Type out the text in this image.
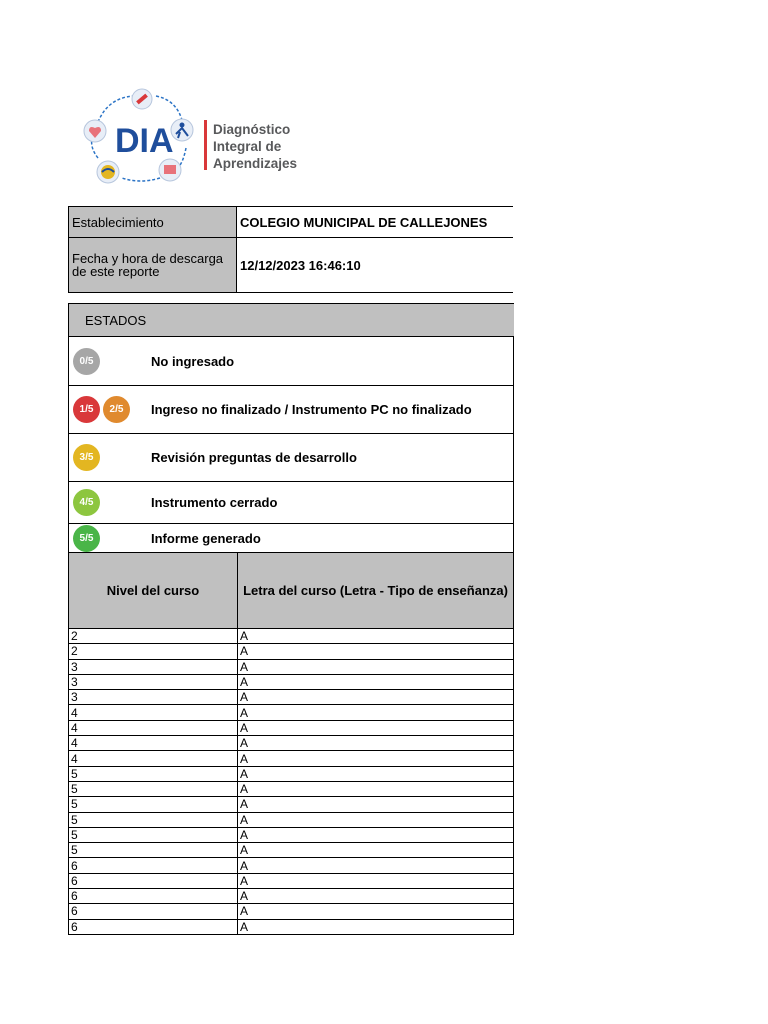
DIA	Diagnóstico
Integral de
Aprendizajes
Establecimiento	COLEGIO MUNICIPAL DE CALLEJONES
Fecha y hora de descarga de este reporte	12/12/2023 16:46:10
ESTADOS	
0/5	No ingresado
1/5 2/5	Ingreso no finalizado / Instrumento PC no finalizado
3/5	Revisión preguntas de desarrollo
4/5	Instrumento cerrado
5/5	Informe generado
Nivel del curso	Letra del curso (Letra - Tipo de enseñanza)
2	A
2	A
3	A
3	A
3	A
4	A
4	A
4	A
4	A
5	A
5	A
5	A
5	A
5	A
5	A
6	A
6	A
6	A
6	A
6	A
